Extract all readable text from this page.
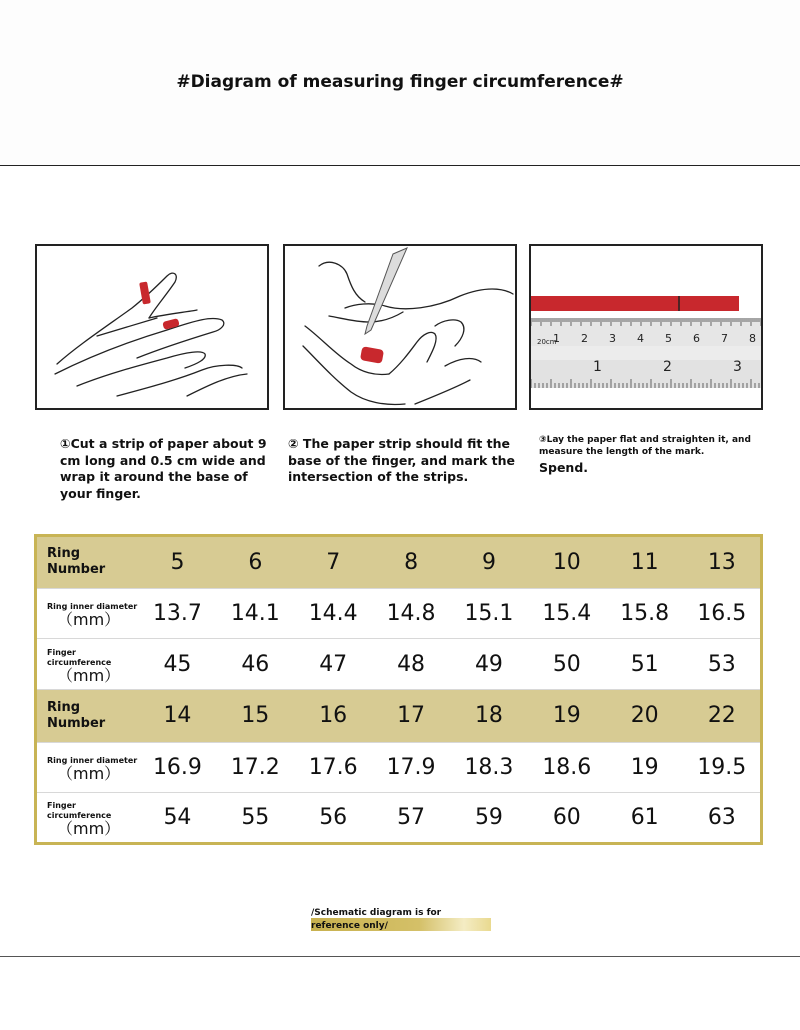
#Diagram of measuring finger circumference#
20cm
1 2 3 4 5 6 7 8
1	2	3
①Cut a strip of paper about 9 cm long and 0.5 cm wide and wrap it around the base of your finger.
② The paper strip should fit the base of the finger, and mark the intersection of the strips.
③Lay the paper flat and straighten it, and measure the length of the mark.
Spend.
Ring Number	5	6	7	8	9	10	11	13
Ring inner diameter
（mm）	13.7	14.1	14.4	14.8	15.1	15.4	15.8	16.5
Finger circumference
（mm）	45	46	47	48	49	50	51	53
Ring Number	14	15	16	17	18	19	20	22
Ring inner diameter
（mm）	16.9	17.2	17.6	17.9	18.3	18.6	19	19.5
Finger circumference
（mm）	54	55	56	57	59	60	61	63
/Schematic diagram is for
reference only/
